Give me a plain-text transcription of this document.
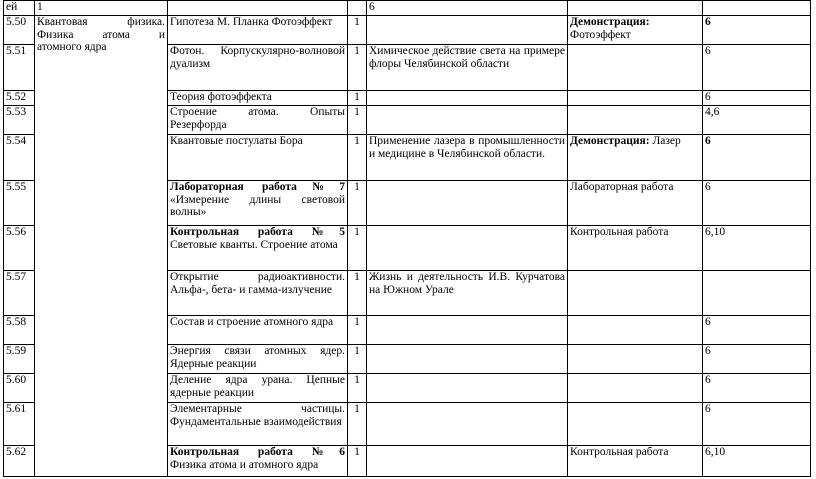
ей	1			6		
5.50	Квантовая физика.
Физика атома и
атомного ядра	Гипотеза М. Планка Фотоэффект	1		Демонстрация: Фотоэффект	6
5.51		Фотон. Корпускулярно-волновой дуализм	1	Химическое действие света на примере флоры Челябинской области		6
5.52		Теория фотоэффекта	1			6
5.53		Строение атома. Опыты Резерфорда	1			4,6
5.54		Квантовые постулаты Бора	1	Применение лазера в промышленности и медицине в Челябинской области.	Демонстрация: Лазер	6
5.55		Лабораторная работа№7
«Измерение длины световой волны»	1		Лабораторная работа	6
5.56		Контрольная работа №5
Световые кванты. Строение атома	1		Контрольная работа	6,10
5.57		Открытие радиоактивности. Альфа-, бета- и гамма-излучение	1	Жизнь и деятельность И.В. Курчатова на Южном Урале		
5.58		Состав и строение атомного ядра	1			6
5.59		Энергия связи атомных ядер. Ядерные реакции	1			6
5.60		Деление ядра урана. Цепные ядерные реакции	1			6
5.61		Элементарные частицы. Фундаментальные взаимодействия	1			6
5.62		Контрольная работа №6
Физика атома и атомного ядра	1		Контрольная работа	6,10
